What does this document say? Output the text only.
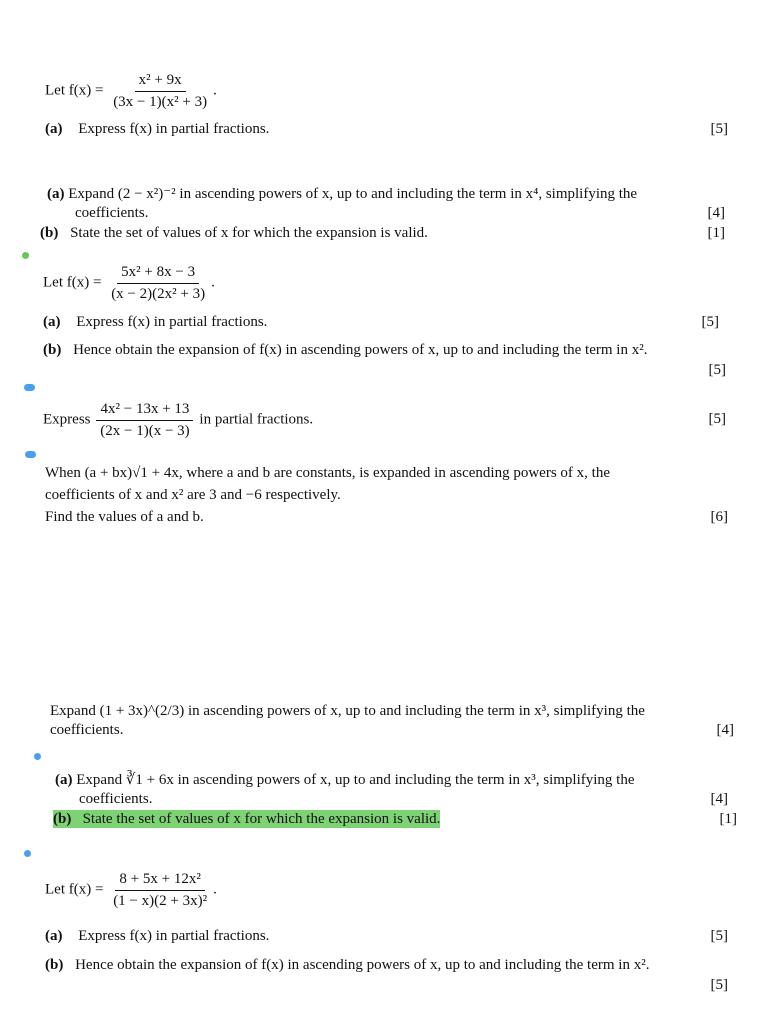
Let $f(x) = \frac{\text{x² + 9x}}{\text{(3x − 1)(x² + 3)}}$ .
(a) Express f(x) in partial fractions.	[5]
(a) Expand (2 − x²)⁻² in ascending powers of x, up to and including the term in x⁴, simplifying the
coefficients.	[4]
(b) State the set of values of x for which the expansion is valid.	[1]
Let $f(x) = \frac{\text{5x² + 8x − 3}}{\text{(x − 2)(2x² + 3)}}$ .
(a) Express f(x) in partial fractions.	[5]
(b) Hence obtain the expansion of f(x) in ascending powers of x, up to and including the term in x².
[5]
Express $\frac{\text{4x² − 13x + 13}}{(2x - 1)(x - 3)}$ in partial fractions.	[5]
When (a + bx)√1 + 4x, where a and b are constants, is expanded in ascending powers of x, the
coefficients of x and x² are 3 and −6 respectively.
Find the values of a and b.	[6]
Expand (1 + 3x)^(2/3) in ascending powers of x, up to and including the term in x³, simplifying the
coefficients.	[4]
(a) Expand ∛1 + 6x in ascending powers of x, up to and including the term in x³, simplifying the
coefficients.	[4]
(b) State the set of values of x for which the expansion is valid.	[1]
Let $f(x) = \frac{\text{8 + 5x + 12x²}}{\text{(1 − x)(2 + 3x)²}}$ .
(a) Express f(x) in partial fractions.	[5]
(b) Hence obtain the expansion of f(x) in ascending powers of x, up to and including the term in x².
[5]
